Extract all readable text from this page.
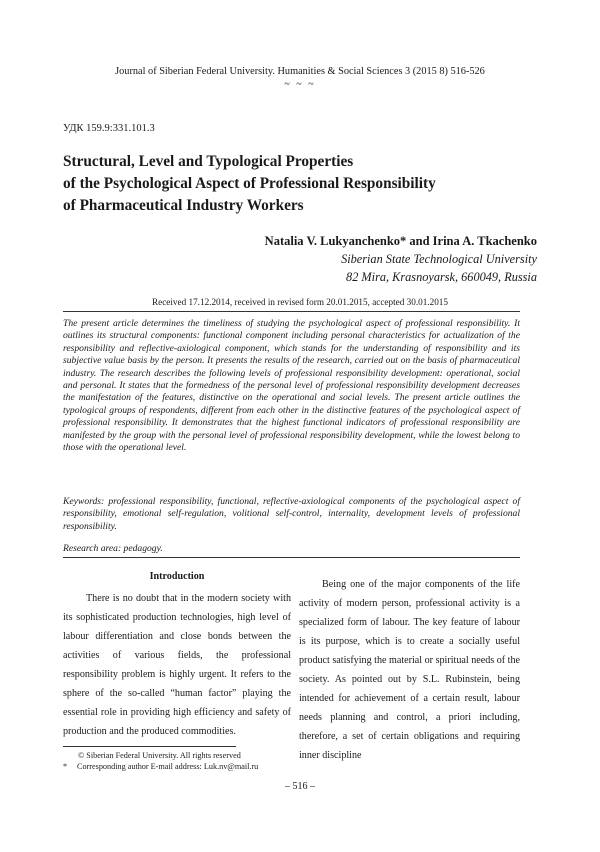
Journal of Siberian Federal University. Humanities & Social Sciences 3 (2015 8) 516-526
~ ~ ~
УДК 159.9:331.101.3
Structural, Level and Typological Properties
of the Psychological Aspect of Professional Responsibility
of Pharmaceutical Industry Workers
Natalia V. Lukyanchenko* and Irina A. Tkachenko
Siberian State Technological University
82 Mira, Krasnoyarsk, 660049, Russia
Received 17.12.2014, received in revised form 20.01.2015, accepted 30.01.2015
The present article determines the timeliness of studying the psychological aspect of professional responsibility. It outlines its structural components: functional component including personal characteristics for actualization of the responsibility and reflective-axiological component, which stands for the understanding of responsibility and its subjective value basis by the person. It presents the results of the research, carried out on the basis of pharmaceutical industry. The research describes the following levels of professional responsibility development: operational, social and personal. It states that the formedness of the personal level of professional responsibility development decreases the manifestation of the features, distinctive on the operational and social levels. The present article outlines the typological groups of respondents, different from each other in the distinctive features of the psychological aspect of professional responsibility. It demonstrates that the highest functional indicators of professional responsibility are manifested by the group with the personal level of professional responsibility development, while the lowest belong to those with the operational level.
Keywords: professional responsibility, functional, reflective-axiological components of the psychological aspect of responsibility, emotional self-regulation, volitional self-control, internality, development levels of professional responsibility.
Research area: pedagogy.
Introduction

There is no doubt that in the modern society with its sophisticated production technologies, high level of labour differentiation and close bonds between the activities of various fields, the professional responsibility problem is highly urgent. It refers to the sphere of the so-called “human factor” playing the essential role in providing high efficiency and safety of production and the produced commodities.

Being one of the major components of the life activity of modern person, professional activity is a specialized form of labour. The key feature of labour is its purpose, which is to create a socially useful product satisfying the material or spiritual needs of the society. As pointed out by S.L. Rubinstein, being intended for achievement of a certain result, labour needs planning and control, a priori including, therefore, a set of certain obligations and requiring inner discipline

© Siberian Federal University. All rights reserved
* Corresponding author E-mail address: Luk.nv@mail.ru
– 516 –
